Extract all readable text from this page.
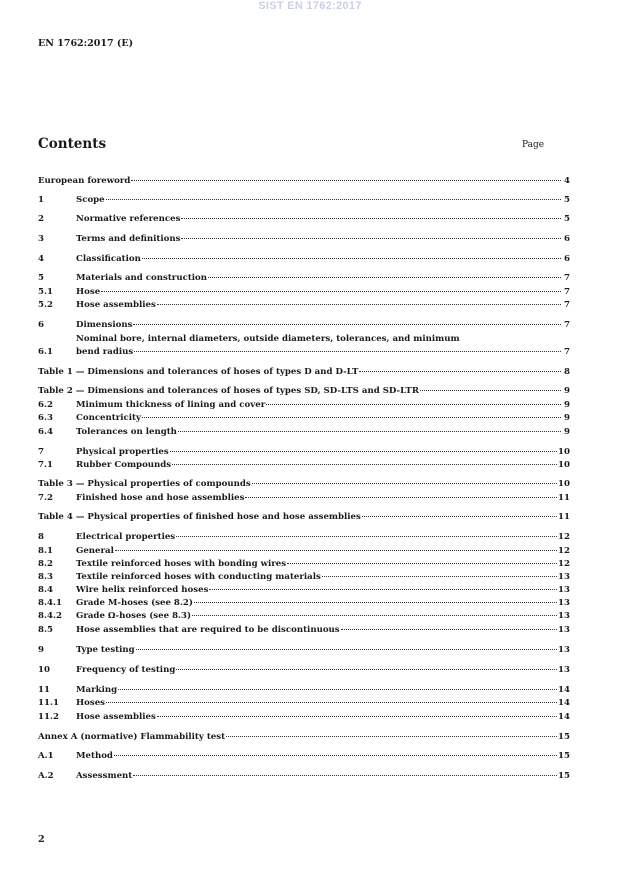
SIST EN 1762:2017
EN 1762:2017 (E)
Contents	Page
European foreword	4
1	Scope	5
2	Normative references	5
3	Terms and definitions	6
4	Classification	6
5	Materials and construction	7
5.1	Hose	7
5.2	Hose assemblies	7
6	Dimensions	7
Nominal bore, internal diameters, outside diameters, tolerances, and minimum
6.1	bend radius	7
Table 1 — Dimensions and tolerances of hoses of types D and D-LT	8
Table 2 — Dimensions and tolerances of hoses of types SD, SD-LTS and SD-LTR	9
6.2	Minimum thickness of lining and cover	9
6.3	Concentricity	9
6.4	Tolerances on length	9
7	Physical properties	10
7.1	Rubber Compounds	10
Table 3 — Physical properties of compounds	10
7.2	Finished hose and hose assemblies	11
Table 4 — Physical properties of finished hose and hose assemblies	11
8	Electrical properties	12
8.1	General	12
8.2	Textile reinforced hoses with bonding wires	12
8.3	Textile reinforced hoses with conducting materials	13
8.4	Wire helix reinforced hoses	13
8.4.1	Grade M-hoses (see 8.2)	13
8.4.2	Grade Ω-hoses (see 8.3)	13
8.5	Hose assemblies that are required to be discontinuous	13
9	Type testing	13
10	Frequency of testing	13
11	Marking	14
11.1	Hoses	14
11.2	Hose assemblies	14
Annex A (normative) Flammability test	15
A.1	Method	15
A.2	Assessment	15
2
